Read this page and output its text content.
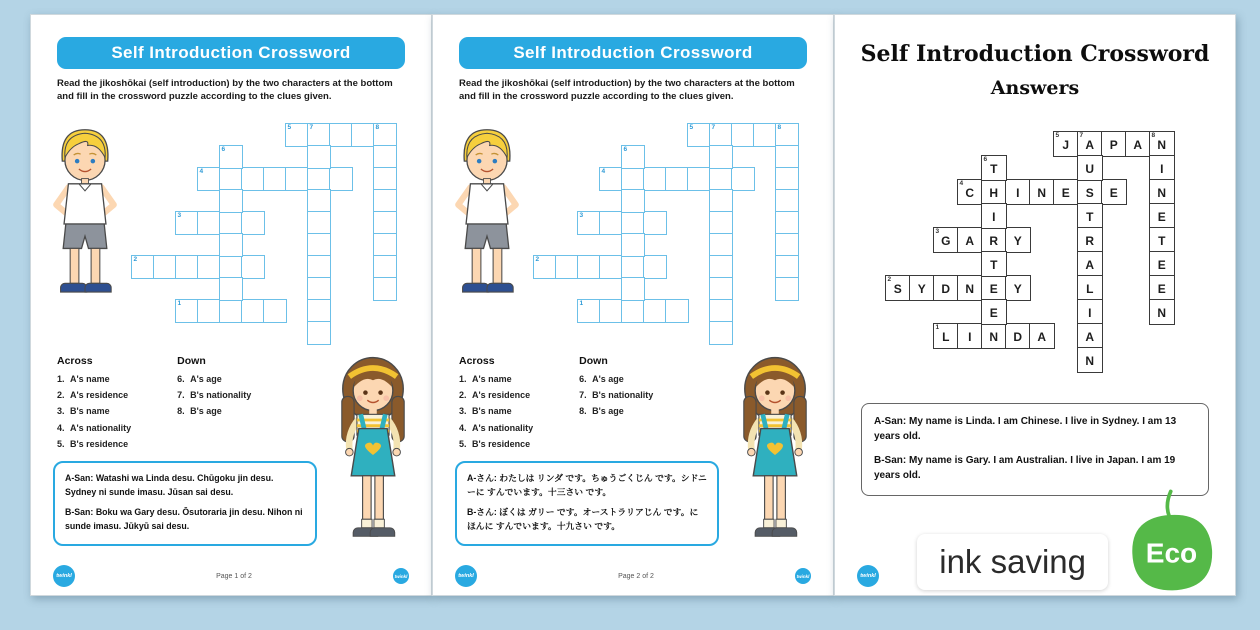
Self Introduction Crossword

Read the jikoshōkai (self introduction) by the two characters at the bottom and fill in the crossword puzzle according to the clues given.

5	7	8
4
3
2
1
6
Across
1. A's name
2. A's residence
3. B's name
4. A's nationality
5. B's residence
Down
6. A's age
7. B's nationality
8. B's age

A-San: Watashi wa Linda desu. Chūgoku jin desu. Sydney ni sunde imasu. Jūsan sai desu.

B-San: Boku wa Gary desu. Ōsutoraria jin desu. Nihon ni sunde imasu. Jūkyū sai desu.

twinkl	Page 1 of 2	twinkl
Self Introduction Crossword

Read the jikoshōkai (self introduction) by the two characters at the bottom and fill in the crossword puzzle according to the clues given.

5	7	8
4
3
2
1
6
Across
1. A's name
2. A's residence
3. B's name
4. A's nationality
5. B's residence
Down
6. A's age
7. B's nationality
8. B's age

A-さん: わたしは リンダ です。ちゅうごくじん です。シドニーに すんでいます。十三さい です。

B-さん: ぼくは ガリー です。オーストラリアじん です。にほんに すんでいます。十九さい です。

twinkl	Page 2 of 2	twinkl
Self Introduction Crossword
Answers
5
J
7
A P A
8
N
4
C H I N E S E
3
G A R Y
2
S Y D N E Y
1
L I N D A
6
T
I
T
E
U
T
R
A
L
I
A
N
I
N
E
T
E
E
N

A-San: My name is Linda. I am Chinese. I live in Sydney. I am 13 years old.

B-San: My name is Gary. I am Australian. I live in Japan. I am 19 years old.

twinkl	ink saving	Eco
